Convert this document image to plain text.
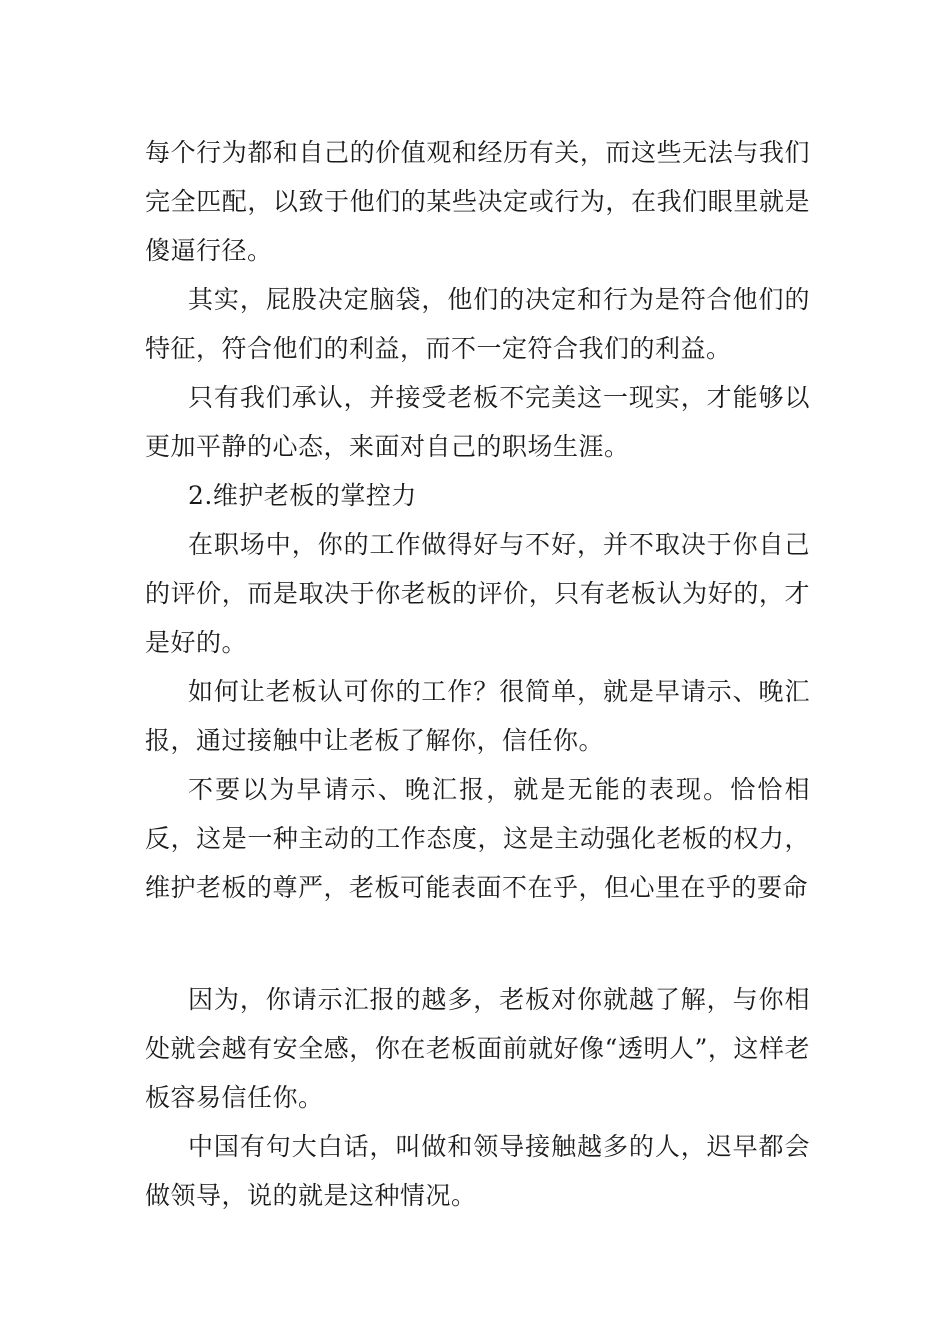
每个行为都和自己的价值观和经历有关，而这些无法与我们完全匹配，以致于他们的某些决定或行为，在我们眼里就是傻逼行径。

其实，屁股决定脑袋，他们的决定和行为是符合他们的特征，符合他们的利益，而不一定符合我们的利益。

只有我们承认，并接受老板不完美这一现实，才能够以更加平静的心态，来面对自己的职场生涯。

2.维护老板的掌控力

在职场中，你的工作做得好与不好，并不取决于你自己的评价，而是取决于你老板的评价，只有老板认为好的，才是好的。

如何让老板认可你的工作？很简单，就是早请示、晚汇报，通过接触中让老板了解你，信任你。

不要以为早请示、晚汇报，就是无能的表现。恰恰相反，这是一种主动的工作态度，这是主动强化老板的权力，维护老板的尊严，老板可能表面不在乎，但心里在乎的要命

因为，你请示汇报的越多，老板对你就越了解，与你相处就会越有安全感，你在老板面前就好像“透明人”，这样老板容易信任你。

中国有句大白话，叫做和领导接触越多的人，迟早都会做领导，说的就是这种情况。
